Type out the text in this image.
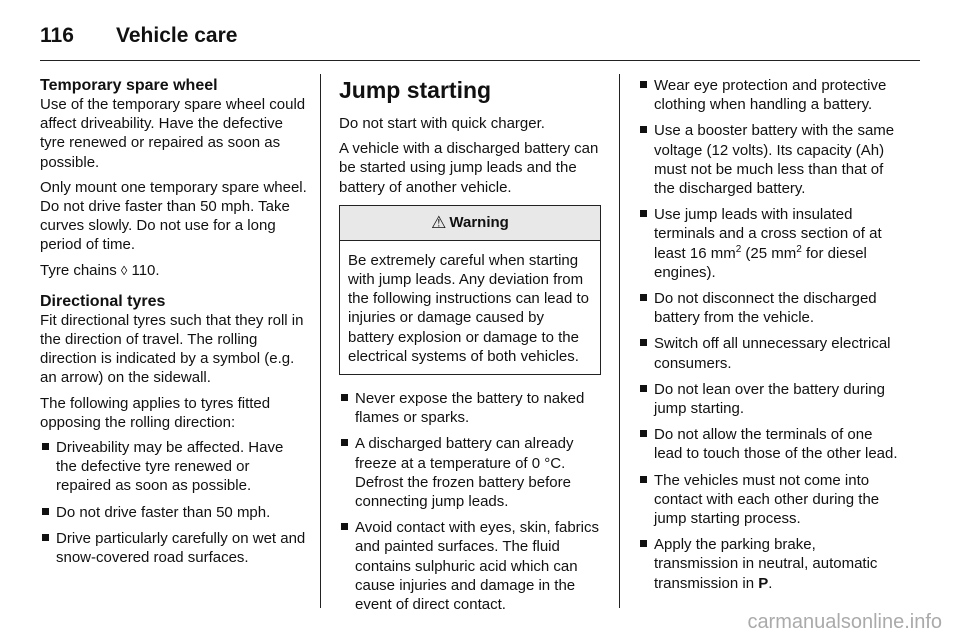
116	Vehicle care
Temporary spare wheel

Use of the temporary spare wheel could affect driveability. Have the defective tyre renewed or repaired as soon as possible.

Only mount one temporary spare wheel. Do not drive faster than 50 mph. Take curves slowly. Do not use for a long period of time.

Tyre chains ◊ 110.

Directional tyres

Fit directional tyres such that they roll in the direction of travel. The rolling direction is indicated by a symbol (e.g. an arrow) on the sidewall.

The following applies to tyres fitted opposing the rolling direction:

Driveability may be affected. Have the defective tyre renewed or repaired as soon as possible.
Do not drive faster than 50 mph.
Drive particularly carefully on wet and snow-covered road surfaces.
Jump starting

Do not start with quick charger.

A vehicle with a discharged battery can be started using jump leads and the battery of another vehicle.

⚠ Warning
Be extremely careful when starting with jump leads. Any deviation from the following instructions can lead to injuries or damage caused by battery explosion or damage to the electrical systems of both vehicles.
Never expose the battery to naked flames or sparks.
A discharged battery can already freeze at a temperature of 0 °C. Defrost the frozen battery before connecting jump leads.
Avoid contact with eyes, skin, fabrics and painted surfaces. The fluid contains sulphuric acid which can cause injuries and damage in the event of direct contact.
Wear eye protection and protective clothing when handling a battery.
Use a booster battery with the same voltage (12 volts). Its capacity (Ah) must not be much less than that of the discharged battery.
Use jump leads with insulated terminals and a cross section of at least 16 $mm^2$ (25 $mm^2$ for diesel engines).
Do not disconnect the discharged battery from the vehicle.
Switch off all unnecessary electrical consumers.
Do not lean over the battery during jump starting.
Do not allow the terminals of one lead to touch those of the other lead.
The vehicles must not come into contact with each other during the jump starting process.
Apply the parking brake, transmission in neutral, automatic transmission in P.
carmanualsonline.info
